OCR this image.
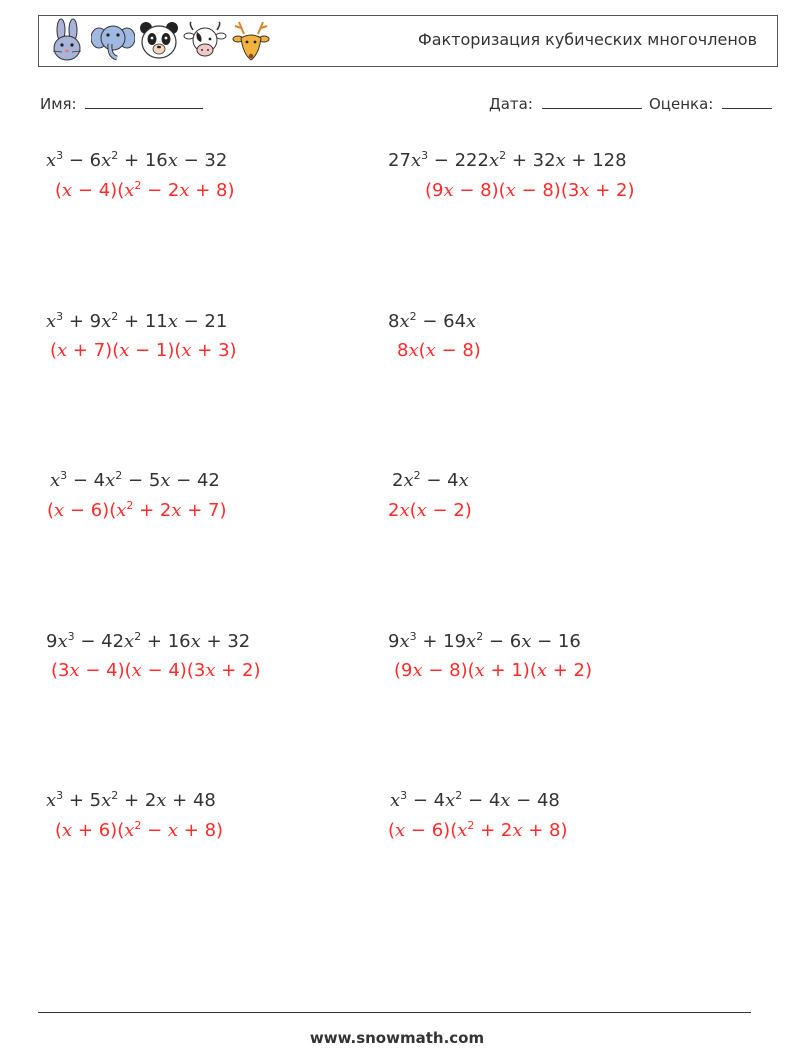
Факторизация кубических многочленов
Имя:	Дата:	Оценка:
$x^3 - 6x^2 + 16x - 32$
$(x - 4)(x^2 - 2x + 8)$
$27x^3 - 222x^2 + 32x + 128$
(9x − 8)(x − 8)(3x + 2)
$x^3 + 9x^2 + 11x - 21$
(x + 7)(x − 1)(x + 3)
$8x^2 - 64x$
8x(x − 8)
$x^3 - 4x^2 - 5x - 42$
$(x - 6)(x^2 + 2x + 7)$
$2x^2 - 4x$
2x(x − 2)
$9x^3 - 42x^2 + 16x + 32$
(3x − 4)(x − 4)(3x + 2)
$9x^3 + 19x^2 - 6x - 16$
(9x − 8)(x + 1)(x + 2)
$x^3 + 5x^2 + 2x + 48$
$(x + 6)(x^2 - x + 8)$
$x^3 - 4x^2 - 4x - 48$
$(x - 6)(x^2 + 2x + 8)$
www.snowmath.com
